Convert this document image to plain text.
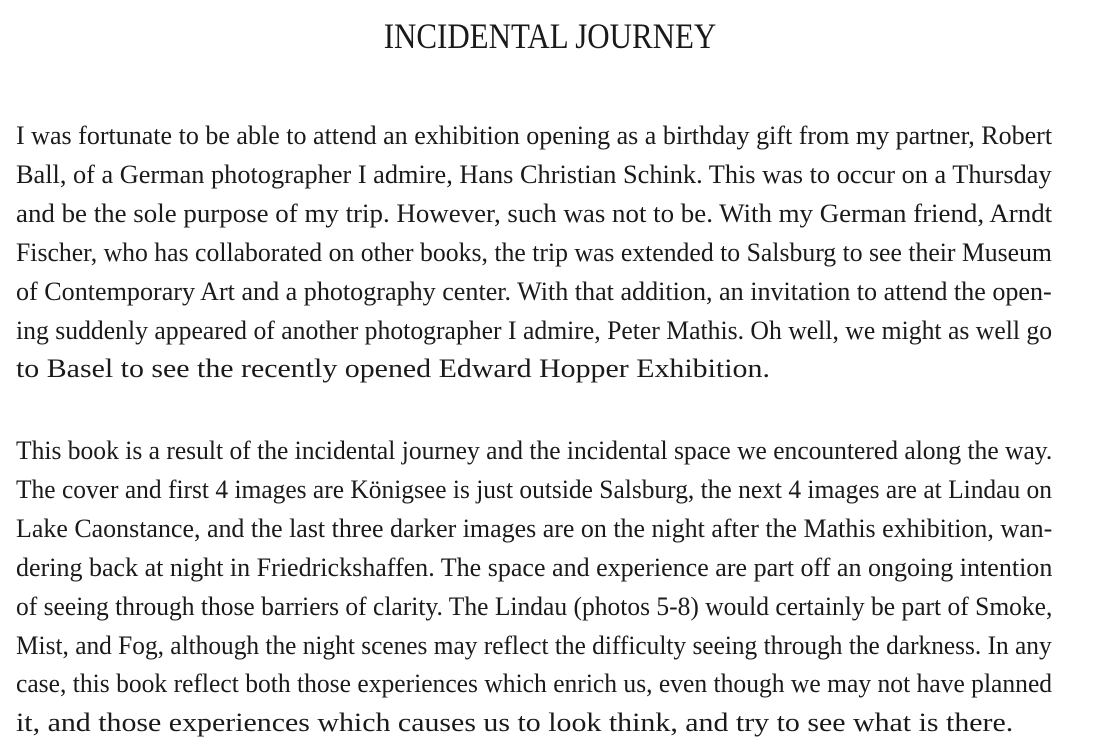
INCIDENTAL JOURNEY
I was fortunate to be able to attend an exhibition opening as a birthday gift from my partner, Robert
Ball, of a German photographer I admire, Hans Christian Schink. This was to occur on a Thursday
and be the sole purpose of my trip. However, such was not to be. With my German friend, Arndt
Fischer, who has collaborated on other books, the trip was extended to Salsburg to see their Museum
of Contemporary Art and a photography center. With that addition, an invitation to attend the open-
ing suddenly appeared of another photographer I admire, Peter Mathis. Oh well, we might as well go
to Basel to see the recently opened Edward Hopper Exhibition.
This book is a result of the incidental journey and the incidental space we encountered along the way.
The cover and first 4 images are Königsee is just outside Salsburg, the next 4 images are at Lindau on
Lake Caonstance, and the last three darker images are on the night after the Mathis exhibition, wan-
dering back at night in Friedrickshaffen. The space and experience are part off an ongoing intention
of seeing through those barriers of clarity. The Lindau (photos 5-8) would certainly be part of Smoke,
Mist, and Fog, although the night scenes may reflect the difficulty seeing through the darkness. In any
case, this book reflect both those experiences which enrich us, even though we may not have planned
it, and those experiences which causes us to look think, and try to see what is there.
